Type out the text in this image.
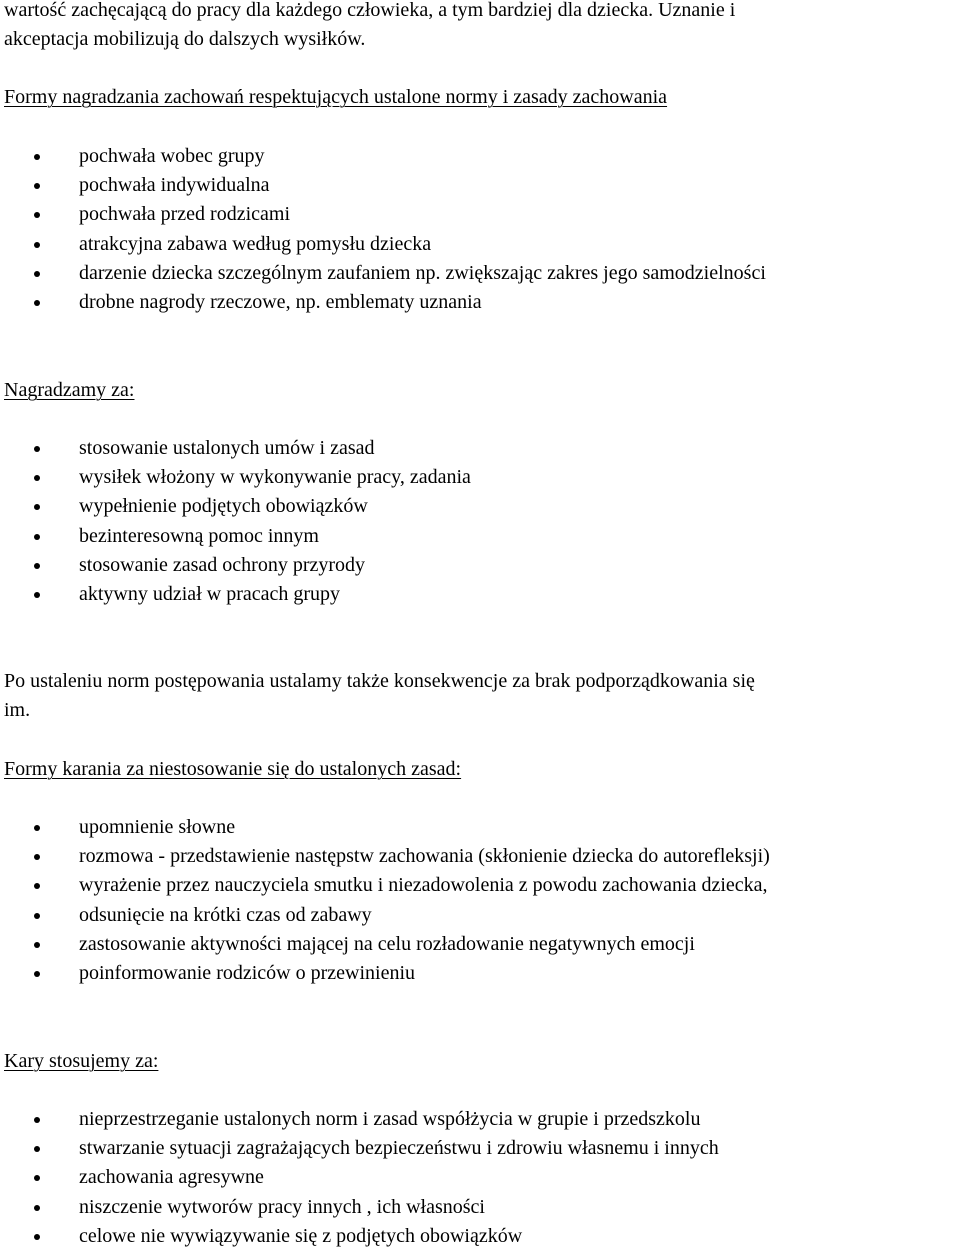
wartość zachęcającą do pracy dla każdego człowieka, a tym bardziej dla dziecka. Uznanie i

akceptacja mobilizują do dalszych wysiłków.

Formy nagradzania zachowań respektujących ustalone normy i zasady zachowania

pochwała wobec grupy
pochwała indywidualna
pochwała przed rodzicami
atrakcyjna zabawa według pomysłu dziecka
darzenie dziecka szczególnym zaufaniem np. zwiększając zakres jego samodzielności
drobne nagrody rzeczowe, np. emblematy uznania

Nagradzamy za:

stosowanie ustalonych umów i zasad
wysiłek włożony w wykonywanie pracy, zadania
wypełnienie podjętych obowiązków
bezinteresowną pomoc innym
stosowanie zasad ochrony przyrody
aktywny udział w pracach grupy

Po ustaleniu norm postępowania ustalamy także konsekwencje za brak podporządkowania się

im.

Formy karania za niestosowanie się do ustalonych zasad:

upomnienie słowne
rozmowa - przedstawienie następstw zachowania (skłonienie dziecka do autorefleksji)
wyrażenie przez nauczyciela smutku i niezadowolenia z powodu zachowania dziecka,
odsunięcie na krótki czas od zabawy
zastosowanie aktywności mającej na celu rozładowanie negatywnych emocji
poinformowanie rodziców o przewinieniu

Kary stosujemy za:

nieprzestrzeganie ustalonych norm i zasad współżycia w grupie i przedszkolu
stwarzanie sytuacji zagrażających bezpieczeństwu i zdrowiu własnemu i innych
zachowania agresywne
niszczenie wytworów pracy innych , ich własności
celowe nie wywiązywanie się z podjętych obowiązków
